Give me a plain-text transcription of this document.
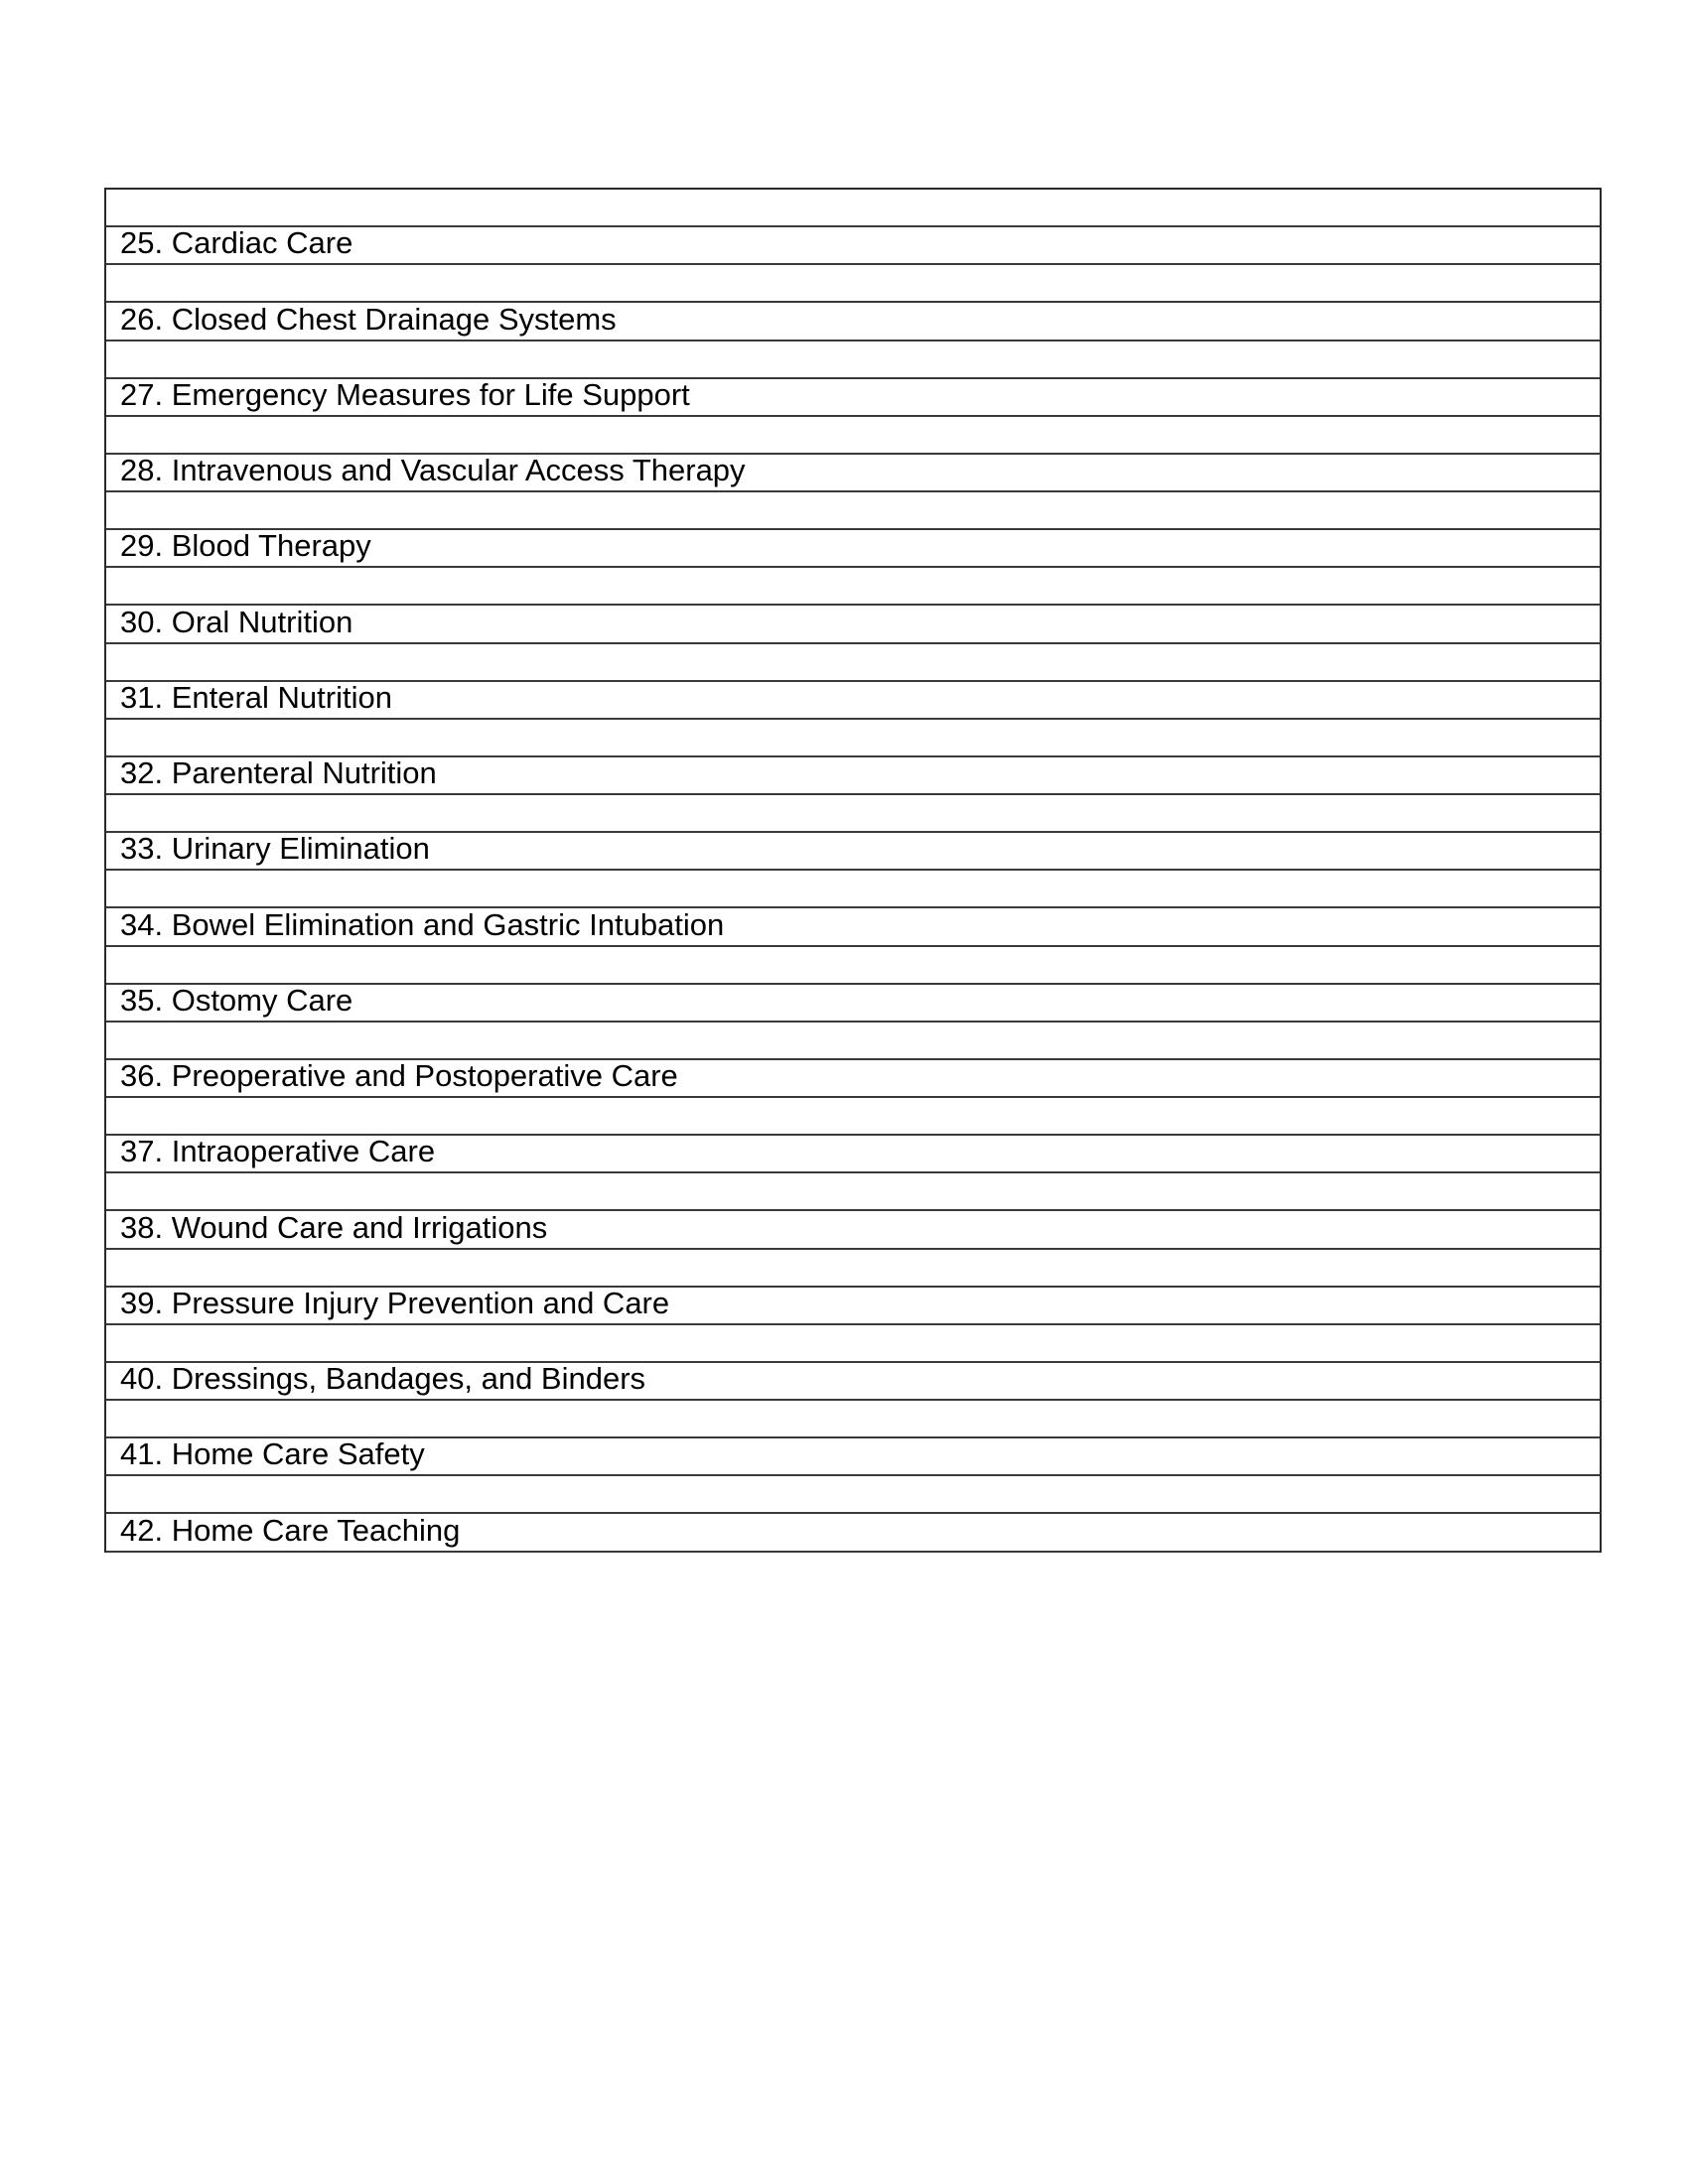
25. Cardiac Care
26. Closed Chest Drainage Systems
27. Emergency Measures for Life Support
28. Intravenous and Vascular Access Therapy
29. Blood Therapy
30. Oral Nutrition
31. Enteral Nutrition
32. Parenteral Nutrition
33. Urinary Elimination
34. Bowel Elimination and Gastric Intubation
35. Ostomy Care
36. Preoperative and Postoperative Care
37. Intraoperative Care
38. Wound Care and Irrigations
39. Pressure Injury Prevention and Care
40. Dressings, Bandages, and Binders
41. Home Care Safety
42. Home Care Teaching
